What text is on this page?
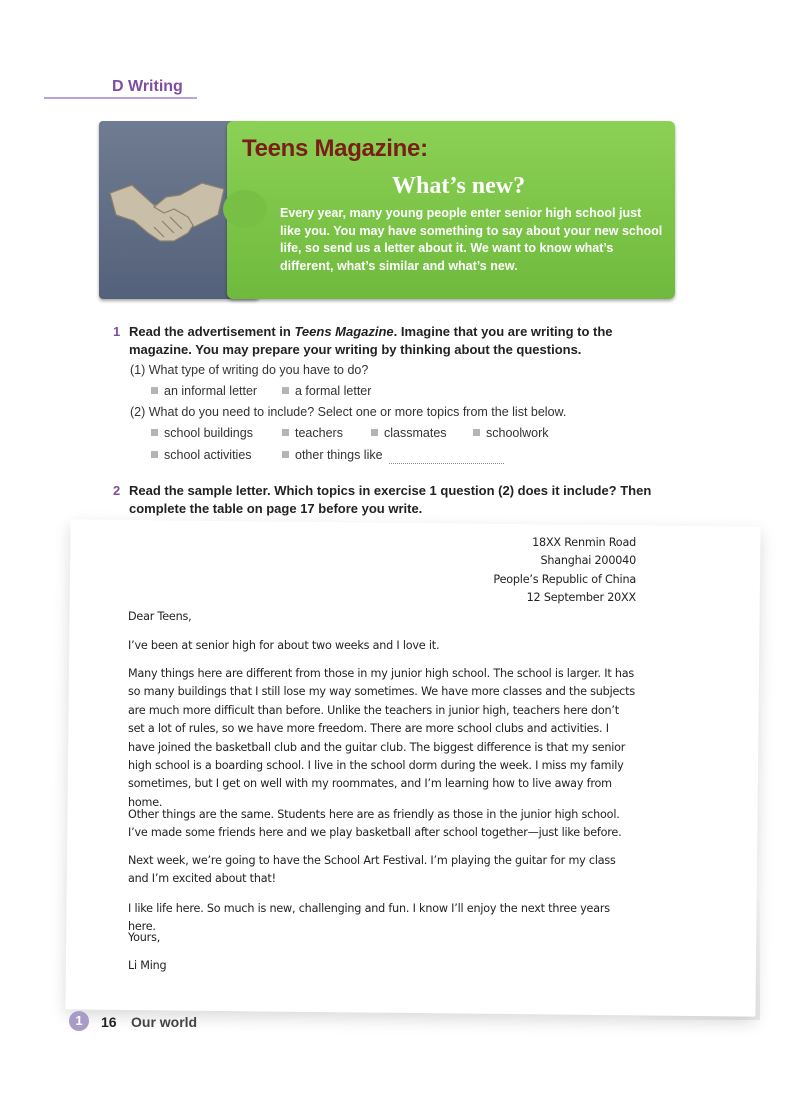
D Writing
Teens Magazine:
What’s new?
Every year, many young people enter senior high school just like you. You may have something to say about your new school life, so send us a letter about it. We want to know what’s different, what’s similar and what’s new.
1 Read the advertisement in Teens Magazine. Imagine that you are writing to the magazine. You may prepare your writing by thinking about the questions.
(1) What type of writing do you have to do?
an informal letter	a formal letter
(2) What do you need to include? Select one or more topics from the list below.
school buildings	teachers	classmates	schoolwork
school activities	other things like
2 Read the sample letter. Which topics in exercise 1 question (2) does it include? Then complete the table on page 17 before you write.
18XX Renmin Road
Shanghai 200040
People’s Republic of China
12 September 20XX
Dear Teens,
I’ve been at senior high for about two weeks and I love it.
Many things here are different from those in my junior high school. The school is larger. It has so many buildings that I still lose my way sometimes. We have more classes and the subjects are much more difficult than before. Unlike the teachers in junior high, teachers here don’t set a lot of rules, so we have more freedom. There are more school clubs and activities. I have joined the basketball club and the guitar club. The biggest difference is that my senior high school is a boarding school. I live in the school dorm during the week. I miss my family sometimes, but I get on well with my roommates, and I’m learning how to live away from home.
Other things are the same. Students here are as friendly as those in the junior high school. I’ve made some friends here and we play basketball after school together—just like before.
Next week, we’re going to have the School Art Festival. I’m playing the guitar for my class and I’m excited about that!
I like life here. So much is new, challenging and fun. I know I’ll enjoy the next three years here.
Yours,
Li Ming
1	16 Our world
